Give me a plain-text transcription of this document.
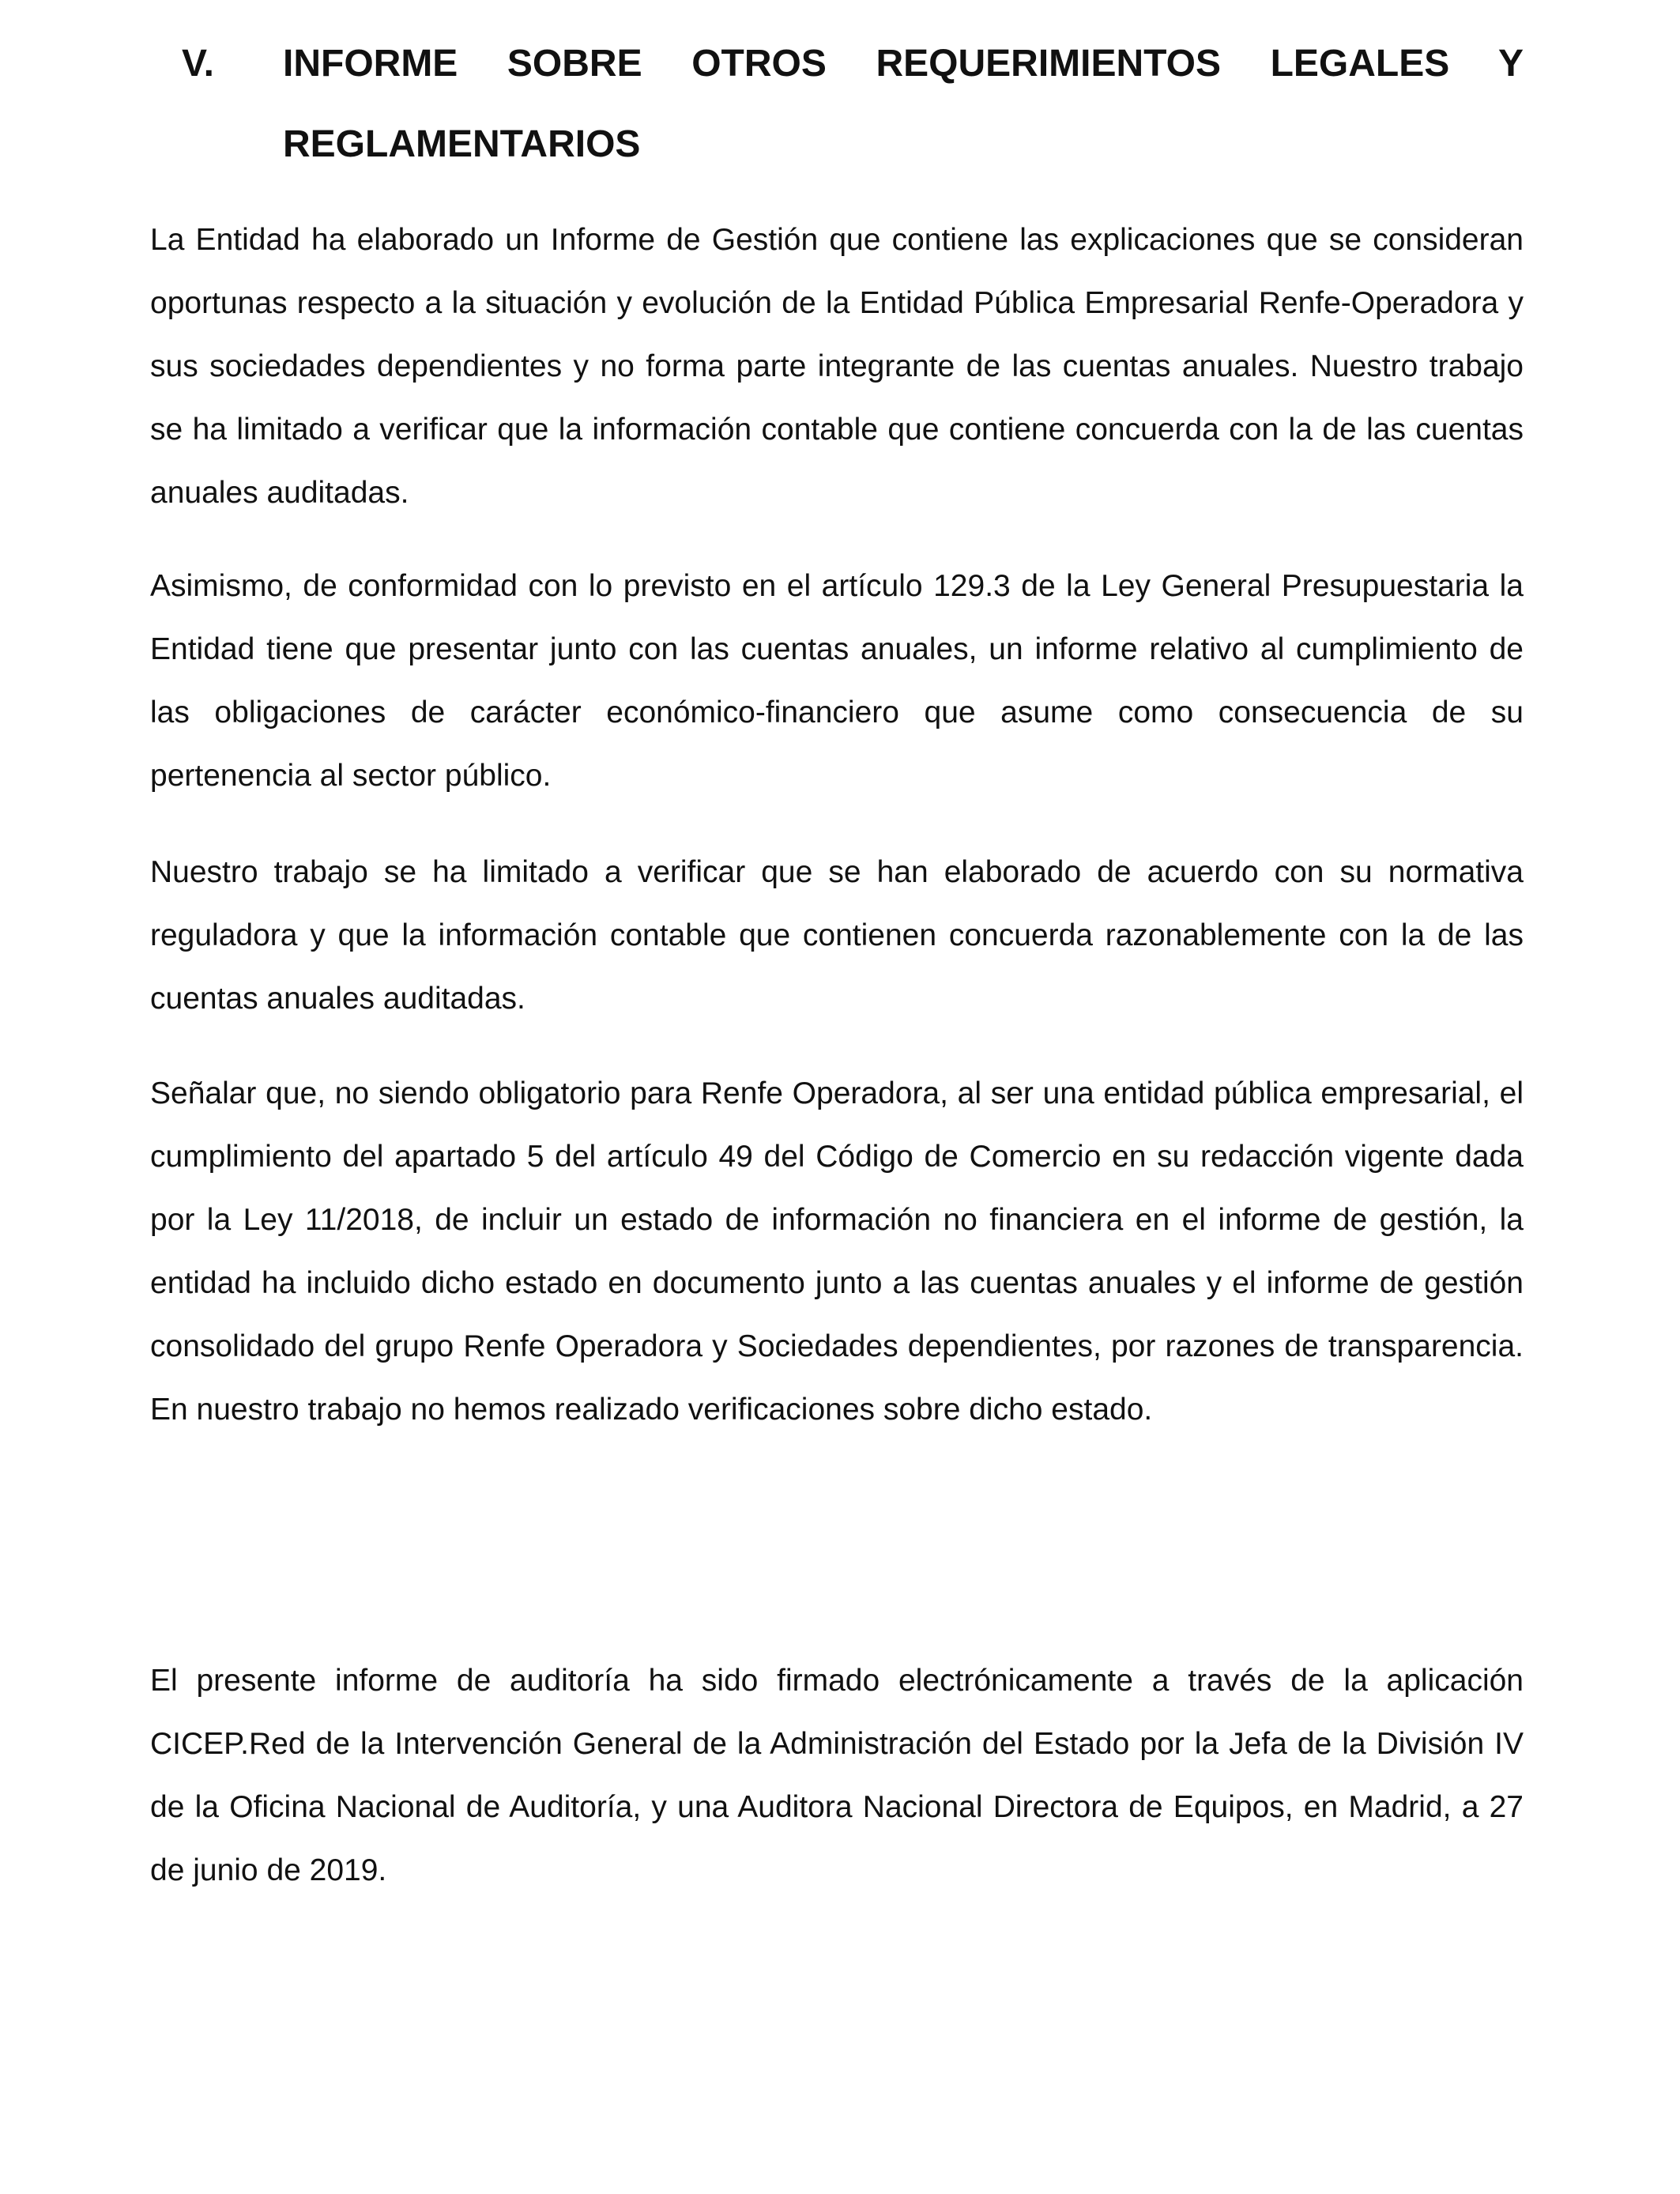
V. INFORME SOBRE OTROS REQUERIMIENTOS LEGALES Y
REGLAMENTARIOS

La Entidad ha elaborado un Informe de Gestión que contiene las explicaciones que se consideran oportunas respecto a la situación y evolución de la Entidad Pública Empresarial Renfe-Operadora y sus sociedades dependientes y no forma parte integrante de las cuentas anuales. Nuestro trabajo se ha limitado a verificar que la información contable que contiene concuerda con la de las cuentas anuales auditadas.

Asimismo, de conformidad con lo previsto en el artículo 129.3 de la Ley General Presupuestaria la Entidad tiene que presentar junto con las cuentas anuales, un informe relativo al cumplimiento de las obligaciones de carácter económico-financiero que asume como consecuencia de su pertenencia al sector público.

Nuestro trabajo se ha limitado a verificar que se han elaborado de acuerdo con su normativa reguladora y que la información contable que contienen concuerda razonablemente con la de las cuentas anuales auditadas.

Señalar que, no siendo obligatorio para Renfe Operadora, al ser una entidad pública empresarial, el cumplimiento del apartado 5 del artículo 49 del Código de Comercio en su redacción vigente dada por la Ley 11/2018, de incluir un estado de información no financiera en el informe de gestión, la entidad ha incluido dicho estado en documento junto a las cuentas anuales y el informe de gestión consolidado del grupo Renfe Operadora y Sociedades dependientes, por razones de transparencia. En nuestro trabajo no hemos realizado verificaciones sobre dicho estado.

El presente informe de auditoría ha sido firmado electrónicamente a través de la aplicación CICEP.Red de la Intervención General de la Administración del Estado por la Jefa de la División IV de la Oficina Nacional de Auditoría, y una Auditora Nacional Directora de Equipos, en Madrid, a 27 de junio de 2019.
